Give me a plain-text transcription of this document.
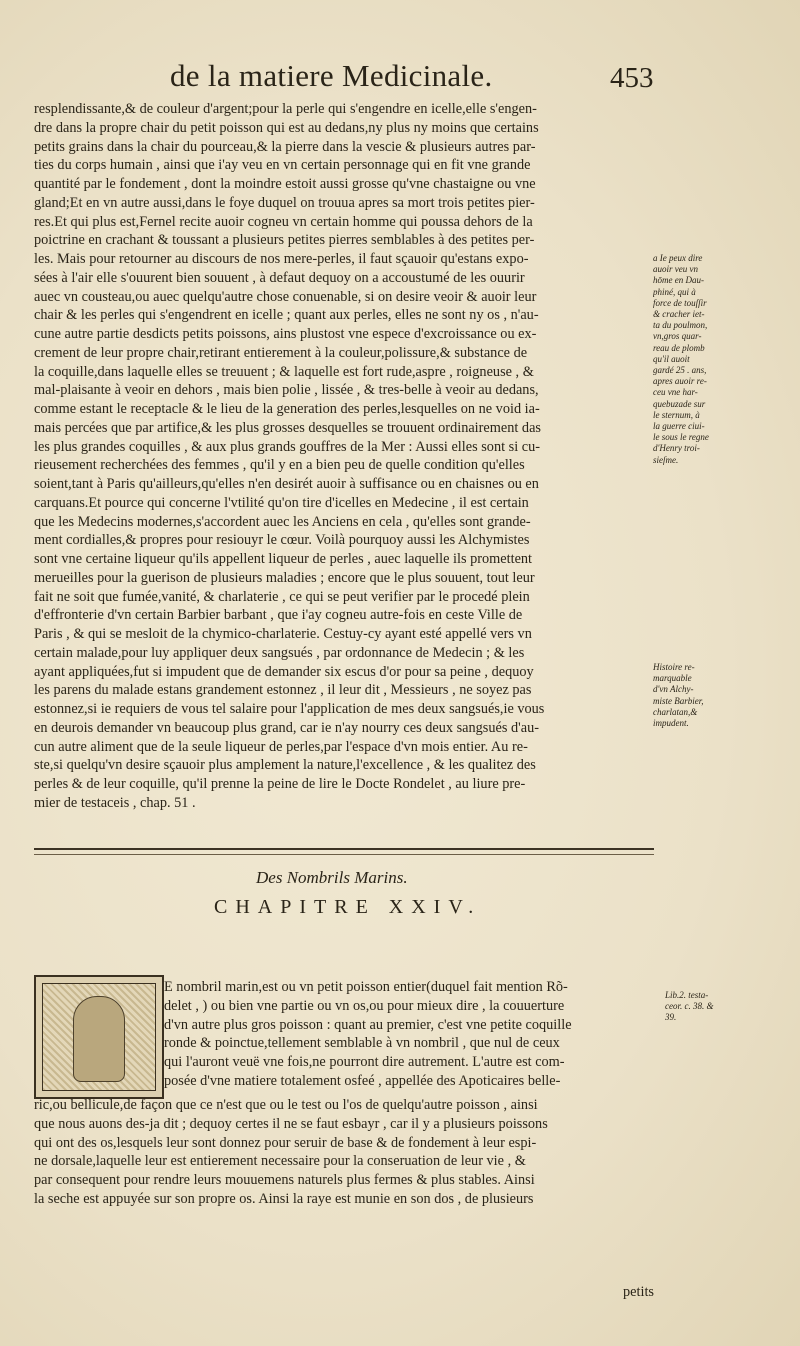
de la matiere Medicinale.	453
resplendissante,& de couleur d'argent;pour la perle qui s'engendre en icelle,elle s'engen-
dre dans la propre chair du petit poisson qui est au dedans,ny plus ny moins que certains
petits grains dans la chair du pourceau,& la pierre dans la vescie & plusieurs autres par-
ties du corps humain , ainsi que i'ay veu en vn certain personnage qui en fit vne grande
quantité par le fondement , dont la moindre estoit aussi grosse qu'vne chastaigne ou vne
gland;Et en vn autre aussi,dans le foye duquel on trouua apres sa mort trois petites pier-
res.Et qui plus est,Fernel recite auoir cogneu vn certain homme qui poussa dehors de la
poictrine en crachant & toussant a plusieurs petites pierres semblables à des petites per-
les. Mais pour retourner au discours de nos mere-perles, il faut sçauoir qu'estans expo-
sées à l'air elle s'ouurent bien souuent , à defaut dequoy on a accoustumé de les ouurir
auec vn cousteau,ou auec quelqu'autre chose conuenable, si on desire veoir & auoir leur
chair & les perles qui s'engendrent en icelle ; quant aux perles, elles ne sont ny os , n'au-
cune autre partie desdicts petits poissons, ains plustost vne espece d'excroissance ou ex-
crement de leur propre chair,retirant entierement à la couleur,polissure,& substance de
la coquille,dans laquelle elles se treuuent ; & laquelle est fort rude,aspre , roigneuse , &
mal-plaisante à veoir en dehors , mais bien polie , lissée , & tres-belle à veoir au dedans,
comme estant le receptacle & le lieu de la generation des perles,lesquelles on ne void ia-
mais percées que par artifice,& les plus grosses desquelles se trouuent ordinairement das
les plus grandes coquilles , & aux plus grands gouffres de la Mer : Aussi elles sont si cu-
rieusement recherchées des femmes , qu'il y en a bien peu de quelle condition qu'elles
soient,tant à Paris qu'ailleurs,qu'elles n'en desirét auoir à suffisance ou en chaisnes ou en
carquans.Et pource qui concerne l'vtilité qu'on tire d'icelles en Medecine , il est certain
que les Medecins modernes,s'accordent auec les Anciens en cela , qu'elles sont grande-
ment cordialles,& propres pour resiouyr le cœur. Voilà pourquoy aussi les Alchymistes
sont vne certaine liqueur qu'ils appellent liqueur de perles , auec laquelle ils promettent
merueilles pour la guerison de plusieurs maladies ; encore que le plus souuent, tout leur
fait ne soit que fumée,vanité, & charlaterie , ce qui se peut verifier par le procedé plein
d'effronterie d'vn certain Barbier barbant , que i'ay cogneu autre-fois en ceste Ville de
Paris , & qui se mesloit de la chymico-charlaterie. Cestuy-cy ayant esté appellé vers vn
certain malade,pour luy appliquer deux sangsués , par ordonnance de Medecin ; & les
ayant appliquées,fut si impudent que de demander six escus d'or pour sa peine , dequoy
les parens du malade estans grandement estonnez , il leur dit , Messieurs , ne soyez pas
estonnez,si ie requiers de vous tel salaire pour l'application de mes deux sangsués,ie vous
en deurois demander vn beaucoup plus grand, car ie n'ay nourry ces deux sangsués d'au-
cun autre aliment que de la seule liqueur de perles,par l'espace d'vn mois entier. Au re-
ste,si quelqu'vn desire sçauoir plus amplement la nature,l'excellence , & les qualitez des
perles & de leur coquille, qu'il prenne la peine de lire le Docte Rondelet , au liure pre-
mier de testaceis , chap. 51 .
a Ie peux dire
auoir veu vn
hōme en Dau-
phiné, qui à
force de touſſir
& cracher iet-
ta du poulmon,
vn,gros quar-
reau de plomb
qu'il auoit
gardé 25 . ans,
apres auoir re-
ceu vne har-
quebuzade sur
le sternum, à
la guerre ciui-
le sous le regne
d'Henry troi-
sieſme.
Histoire re-
marquable
d'vn Alchy-
miste Barbier,
charlatan,&
impudent.
Des Nombrils Marins.
CHAPITRE XXIV.
E nombril marin,est ou vn petit poisson entier(duquel fait mention Rõ-
delet , ) ou bien vne partie ou vn os,ou pour mieux dire , la couuerture
d'vn autre plus gros poisson : quant au premier, c'est vne petite coquille
ronde & poinctue,tellement semblable à vn nombril , que nul de ceux
qui l'auront veuë vne fois,ne pourront dire autrement. L'autre est com-
posée d'vne matiere totalement osfeé , appellée des Apoticaires belle-
Lib.2. testa-
ceor. c. 38. &
39.
ric,ou bellicule,de façon que ce n'est que ou le test ou l'os de quelqu'autre poisson , ainsi
que nous auons des-ja dit ; dequoy certes il ne se faut esbayr , car il y a plusieurs poissons
qui ont des os,lesquels leur sont donnez pour seruir de base & de fondement à leur espi-
ne dorsale,laquelle leur est entierement necessaire pour la conseruation de leur vie , &
par consequent pour rendre leurs mouuemens naturels plus fermes & plus stables. Ainsi
la seche est appuyée sur son propre os. Ainsi la raye est munie en son dos , de plusieurs
petits
